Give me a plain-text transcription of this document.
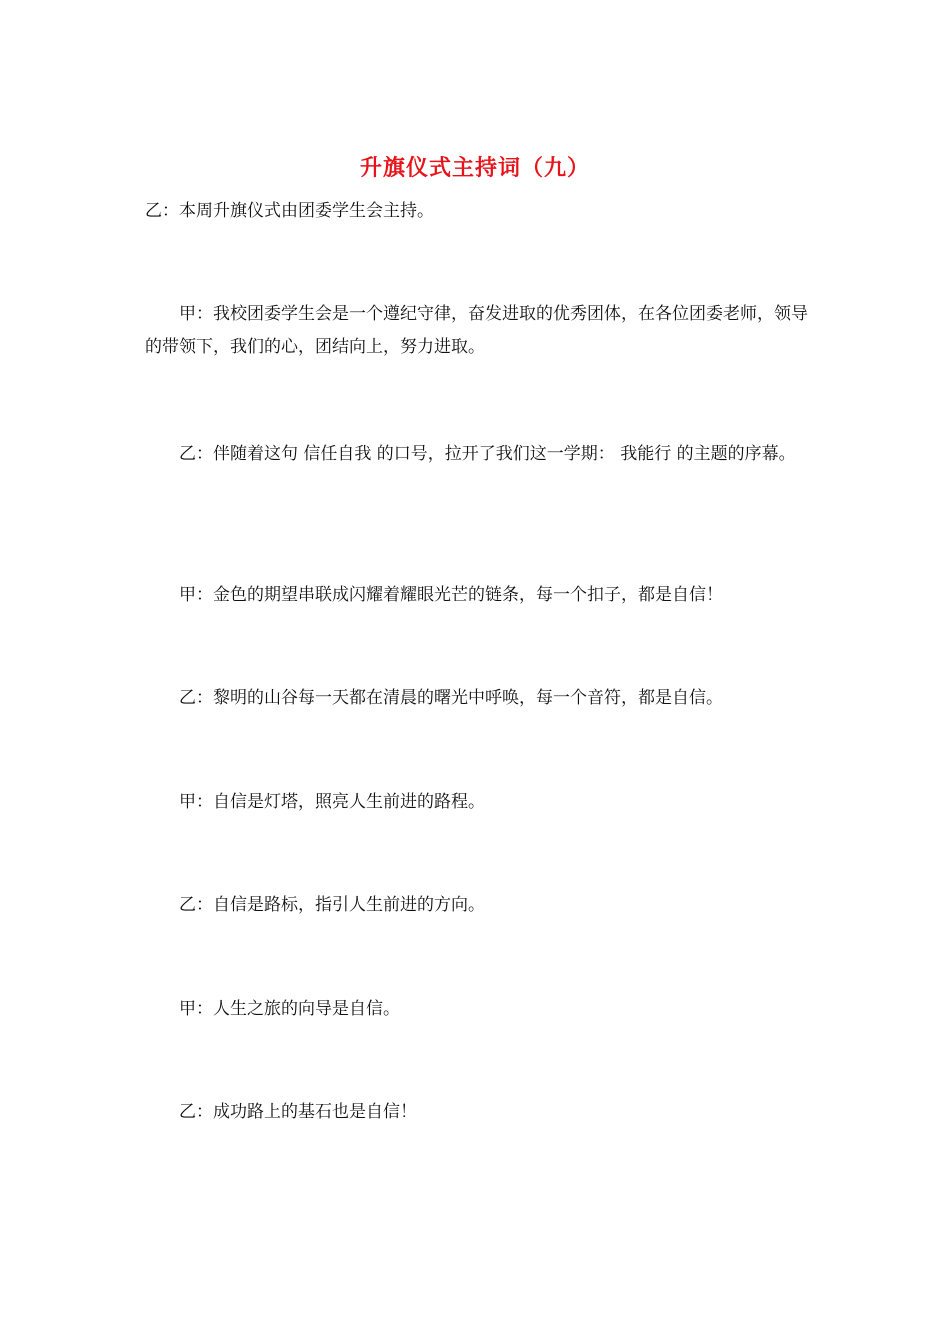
升旗仪式主持词（九）

乙：本周升旗仪式由团委学生会主持。

甲：我校团委学生会是一个遵纪守律，奋发进取的优秀团体，在各位团委老师，领导的带领下，我们的心，团结向上，努力进取。

乙：伴随着这句 信任自我 的口号，拉开了我们这一学期： 我能行 的主题的序幕。

甲：金色的期望串联成闪耀着耀眼光芒的链条，每一个扣子，都是自信！

乙：黎明的山谷每一天都在清晨的曙光中呼唤，每一个音符，都是自信。

甲：自信是灯塔，照亮人生前进的路程。

乙：自信是路标，指引人生前进的方向。

甲：人生之旅的向导是自信。

乙：成功路上的基石也是自信！
